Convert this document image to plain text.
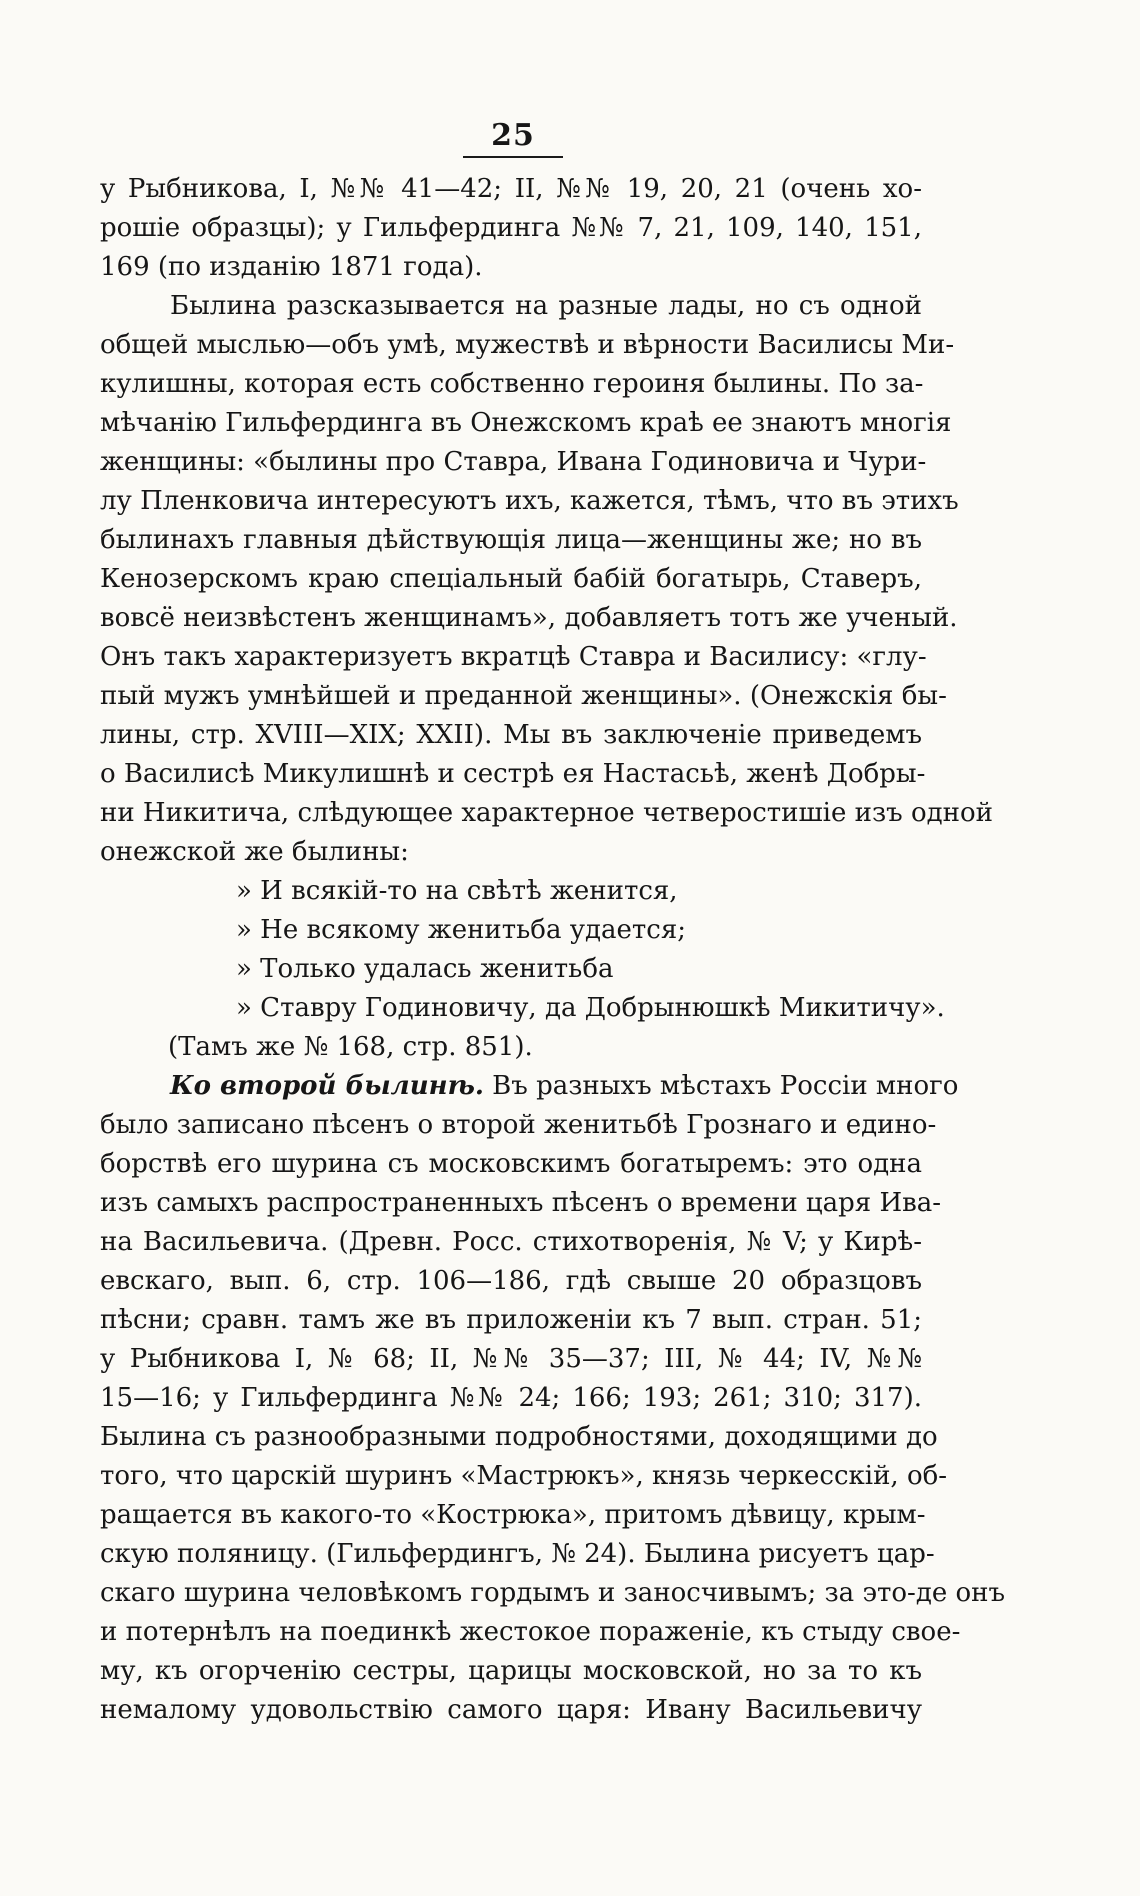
25
у Рыбникова, I, №№ 41—42; II, №№ 19, 20, 21 (очень хо-
рошіе образцы); у Гильфердинга №№ 7, 21, 109, 140, 151,
169 (по изданію 1871 года).
Былина разсказывается на разные лады, но съ одной
общей мыслью—объ умѣ, мужествѣ и вѣрности Василисы Ми-
кулишны, которая есть собственно героиня былины. По за-
мѣчанію Гильфердинга въ Онежскомъ краѣ ее знаютъ многія
женщины: «былины про Ставра, Ивана Годиновича и Чури-
лу Пленковича интересуютъ ихъ, кажется, тѣмъ, что въ этихъ
былинахъ главныя дѣйствующія лица—женщины же; но въ
Кенозерскомъ краю спеціальный бабій богатырь, Ставеръ,
вовсё неизвѣстенъ женщинамъ», добавляетъ тотъ же ученый.
Онъ такъ характеризуетъ вкратцѣ Ставра и Василису: «глу-
пый мужъ умнѣйшей и преданной женщины». (Онежскія бы-
лины, стр. XVIII—XIX; XXII). Мы въ заключеніе приведемъ
о Василисѣ Микулишнѣ и сестрѣ ея Настасьѣ, женѣ Добры-
ни Никитича, слѣдующее характерное четверостишіе изъ одной
онежской же былины:
» И всякій-то на свѣтѣ женится,
» Не всякому женитьба удается;
» Только удалась женитьба
» Ставру Годиновичу, да Добрынюшкѣ Микитичу».
(Тамъ же № 168, стр. 851).
Ко второй былинѣ. Въ разныхъ мѣстахъ Россіи много
было записано пѣсенъ о второй женитьбѣ Грознаго и едино-
борствѣ его шурина съ московскимъ богатыремъ: это одна
изъ самыхъ распространенныхъ пѣсенъ о времени царя Ива-
на Васильевича. (Древн. Росс. стихотворенія, № V; у Кирѣ-
евскаго, вып. 6, стр. 106—186, гдѣ свыше 20 образцовъ
пѣсни; сравн. тамъ же въ приложеніи къ 7 вып. стран. 51;
у Рыбникова I, № 68; II, №№ 35—37; III, № 44; IV, №№
15—16; у Гильфердинга №№ 24; 166; 193; 261; 310; 317).
Былина съ разнообразными подробностями, доходящими до
того, что царскій шуринъ «Мастрюкъ», князь черкесскій, об-
ращается въ какого-то «Кострюка», притомъ дѣвицу, крым-
скую поляницу. (Гильфердингъ, № 24). Былина рисуетъ цар-
скаго шурина человѣкомъ гордымъ и заносчивымъ; за это-де онъ
и потернѣлъ на поединкѣ жестокое пораженіе, къ стыду свое-
му, къ огорченію сестры, царицы московской, но за то къ
немалому удовольствію самого царя: Ивану Васильевичу
